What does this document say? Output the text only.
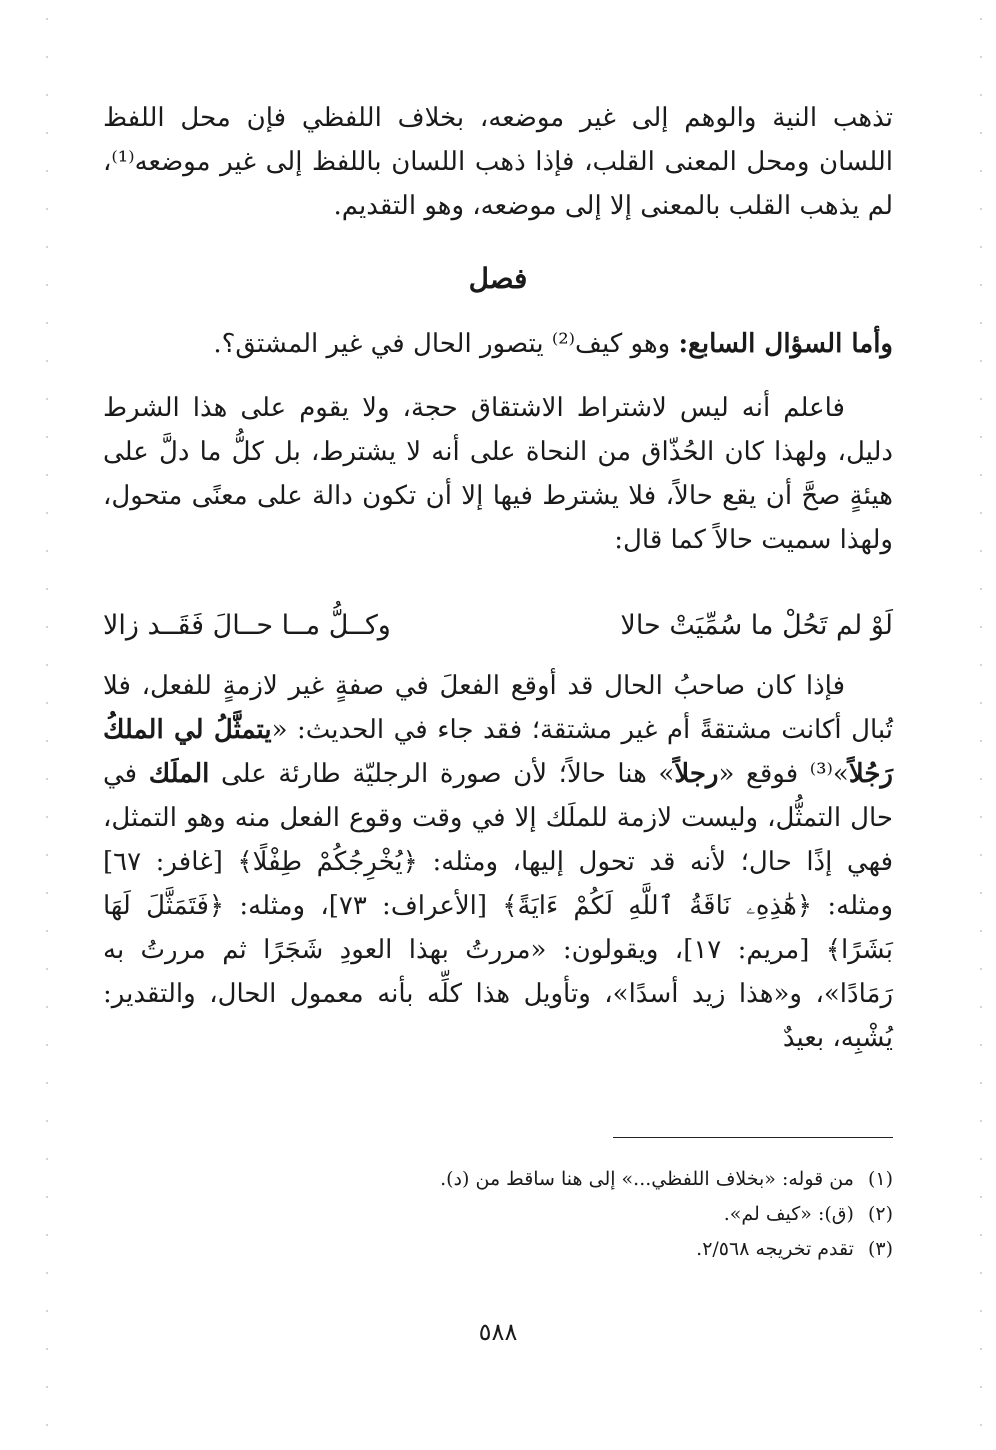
تذهب النية والوهم إلى غير موضعه، بخلاف اللفظي فإن محل اللفظ اللسان ومحل المعنى القلب، فإذا ذهب اللسان باللفظ إلى غير موضعه⁽¹⁾، لم يذهب القلب بالمعنى إلا إلى موضعه، وهو التقديم.

فصل

وأما السؤال السابع: وهو كيف⁽²⁾ يتصور الحال في غير المشتق؟.

فاعلم أنه ليس لاشتراط الاشتقاق حجة، ولا يقوم على هذا الشرط دليل، ولهذا كان الحُذّاق من النحاة على أنه لا يشترط، بل كلُّ ما دلَّ على هيئةٍ صحَّ أن يقع حالاً، فلا يشترط فيها إلا أن تكون دالة على معنًى متحول، ولهذا سميت حالاً كما قال:

لَوْ لم تَحُلْ ما سُمِّيَتْ حالا
وكــلُّ مــا حــالَ فَقَــد زالا

فإذا كان صاحبُ الحال قد أوقع الفعلَ في صفةٍ غير لازمةٍ للفعل، فلا تُبال أكانت مشتقةً أم غير مشتقة؛ فقد جاء في الحديث: «يتمثَّلُ لي الملكُ رَجُلاً»⁽³⁾ فوقع «رجلاً» هنا حالاً؛ لأن صورة الرجليّة طارئة على الملَك في حال التمثُّل، وليست لازمة للملَك إلا في وقت وقوع الفعل منه وهو التمثل، فهي إذًا حال؛ لأنه قد تحول إليها، ومثله: ﴿يُخْرِجُكُمْ طِفْلًا﴾ [غافر: ٦٧] ومثله: ﴿هَٰذِهِۦ نَاقَةُ ٱللَّهِ لَكُمْ ءَايَةً﴾ [الأعراف: ٧٣]، ومثله: ﴿فَتَمَثَّلَ لَهَا بَشَرًا﴾ [مريم: ١٧]، ويقولون: «مررتُ بهذا العودِ شَجَرًا ثم مررتُ به رَمَادًا»، و«هذا زيد أسدًا»، وتأويل هذا كلِّه بأنه معمول الحال، والتقدير: يُشْبِه، بعيدٌ

(١)من قوله: «بخلاف اللفظي...» إلى هنا ساقط من (د).
(٢)(ق): «كيف لم».
(٣)تقدم تخريجه ٢/٥٦٨.
٥٨٨
